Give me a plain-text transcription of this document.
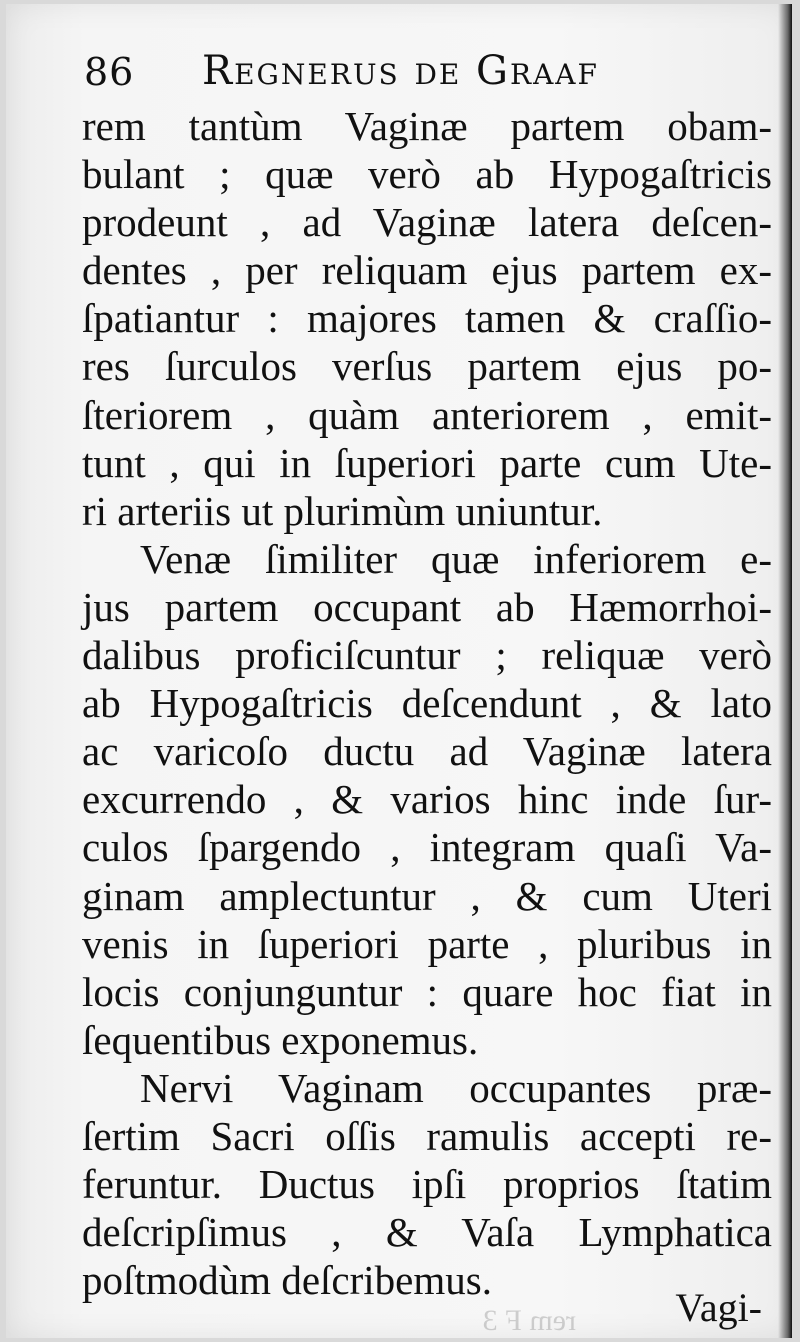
86 Regnerus de Graaf
rem tantùm Vaginæ partem obam-
bulant ; quæ verò ab Hypogaſtricis
prodeunt , ad Vaginæ latera deſcen-
dentes , per reliquam ejus partem ex-
ſpatiantur : majores tamen & craſſio-
res ſurculos verſus partem ejus po-
ſteriorem , quàm anteriorem , emit-
tunt , qui in ſuperiori parte cum Ute-
ri arteriis ut plurimùm uniuntur.
Venæ ſimiliter quæ inferiorem e-
jus partem occupant ab Hæmorrhoi-
dalibus proficiſcuntur ; reliquæ verò
ab Hypogaſtricis deſcendunt , & lato
ac varicoſo ductu ad Vaginæ latera
excurrendo , & varios hinc inde ſur-
culos ſpargendo , integram quaſi Va-
ginam amplectuntur , & cum Uteri
venis in ſuperiori parte , pluribus in
locis conjunguntur : quare hoc fiat in
ſequentibus exponemus.
Nervi Vaginam occupantes præ-
ſertim Sacri oſſis ramulis accepti re-
feruntur. Ductus ipſi proprios ſtatim
deſcripſimus , & Vaſa Lymphatica
poſtmodùm deſcribemus.
Vagi-
rem F 3
